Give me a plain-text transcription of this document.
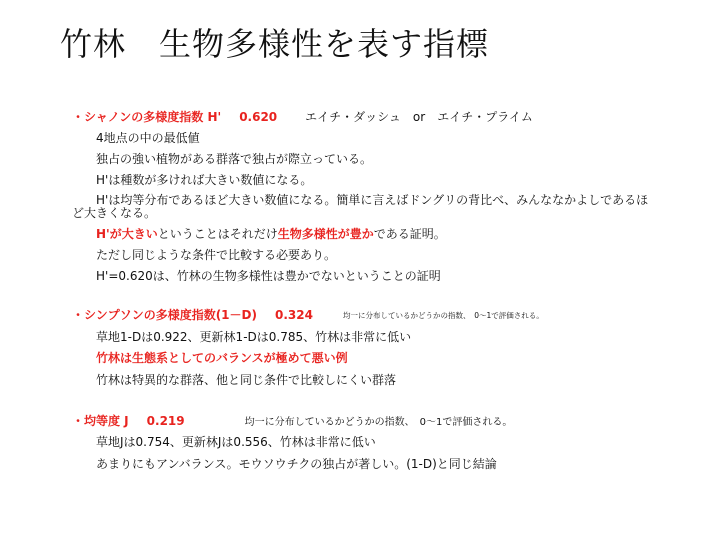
竹林　生物多様性を表す指標
・シャノンの多様度指数 H' 0.620 エイチ・ダッシュ　or　エイチ・プライム
4地点の中の最低値
独占の強い植物がある群落で独占が際立っている。
H'は種数が多ければ大きい数値になる。
H'は均等分布であるほど大きい数値になる。簡単に言えばドングリの背比べ、みんななかよしであるほど大きくなる。
H'が大きいということはそれだけ生物多様性が豊かである証明。
ただし同じような条件で比較する必要あり。
H'=0.620は、竹林の生物多様性は豊かでないということの証明
・シンプソンの多様度指数(1－D) 0.324	均一に分布しているかどうかの指数、　0～1で評価される。
草地1-Dは0.922、更新林1-Dは0.785、竹林は非常に低い
竹林は生態系としてのバランスが極めて悪い例
竹林は特異的な群落、他と同じ条件で比較しにくい群落
・均等度 J 0.219	均一に分布しているかどうかの指数、　0～1で評価される。
草地Jは0.754、更新林Jは0.556、竹林は非常に低い
あまりにもアンバランス。モウソウチクの独占が著しい。(1-D)と同じ結論
